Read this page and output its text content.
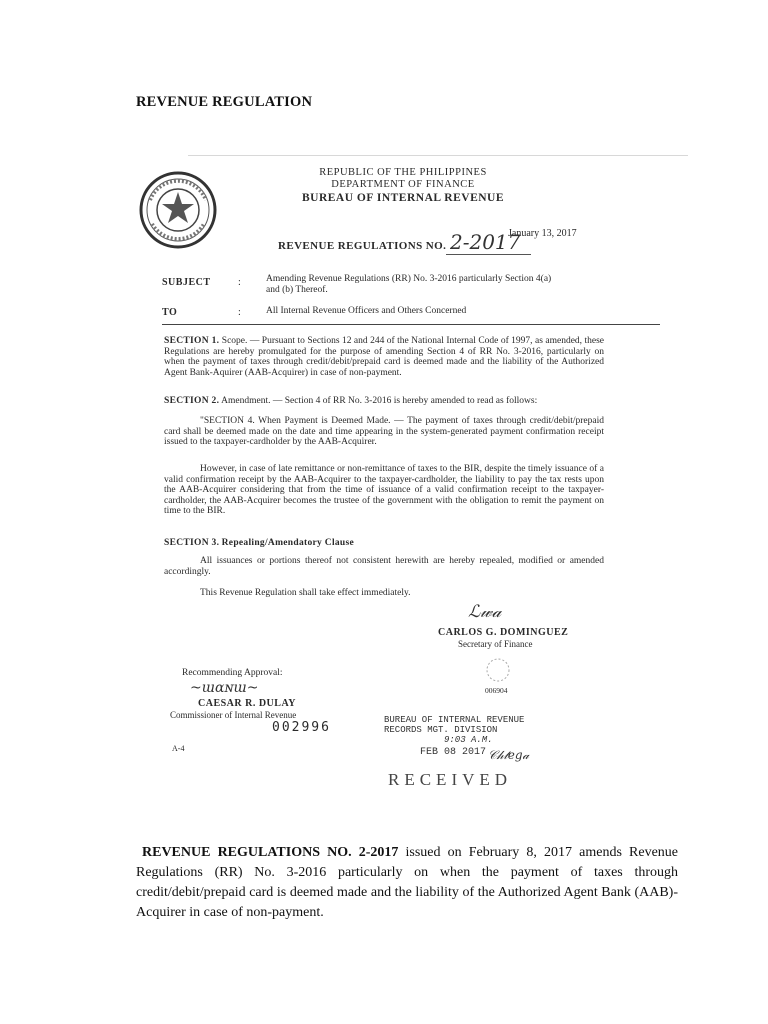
REVENUE REGULATION
REPUBLIC OF THE PHILIPPINES
DEPARTMENT OF FINANCE
BUREAU OF INTERNAL REVENUE
January 13, 2017
REVENUE REGULATIONS NO. 2-2017
SUBJECT	:	Amending Revenue Regulations (RR) No. 3-2016 particularly Section 4(a) and (b) Thereof.
TO	:	All Internal Revenue Officers and Others Concerned
SECTION 1. Scope. — Pursuant to Sections 12 and 244 of the National Internal Code of 1997, as amended, these Regulations are hereby promulgated for the purpose of amending Section 4 of RR No. 3-2016, particularly on when the payment of taxes through credit/debit/prepaid card is deemed made and the liability of the Authorized Agent Bank-Aquirer (AAB-Acquirer) in case of non-payment.
SECTION 2. Amendment. — Section 4 of RR No. 3-2016 is hereby amended to read as follows:
"SECTION 4. When Payment is Deemed Made. — The payment of taxes through credit/debit/prepaid card shall be deemed made on the date and time appearing in the system-generated payment confirmation receipt issued to the taxpayer-cardholder by the AAB-Acquirer.
However, in case of late remittance or non-remittance of taxes to the BIR, despite the timely issuance of a valid confirmation receipt by the AAB-Acquirer to the taxpayer-cardholder, the liability to pay the tax rests upon the AAB-Acquirer considering that from the time of issuance of a valid confirmation receipt to the taxpayer-cardholder, the AAB-Acquirer becomes the trustee of the government with the obligation to remit the payment on time to the BIR.
SECTION 3. Repealing/Amendatory Clause
All issuances or portions thereof not consistent herewith are hereby repealed, modified or amended accordingly.
This Revenue Regulation shall take effect immediately.
ℒ𝓌𝒶
CARLOS G. DOMINGUEZ
Secretary of Finance
006904
Recommending Approval:
~ɯɑɴɯ~
CAESAR R. DULAY
Commissioner of Internal Revenue
002996
A-4
BUREAU OF INTERNAL REVENUE
RECORDS MGT. DIVISION
9:03 A.M.
FEB 08 2017 𝒞𝒽𝓉𝑒𝑔𝒶
RECEIVED
REVENUE REGULATIONS NO. 2-2017 issued on February 8, 2017 amends Revenue Regulations (RR) No. 3-2016 particularly on when the payment of taxes through credit/debit/prepaid card is deemed made and the liability of the Authorized Agent Bank (AAB)-Acquirer in case of non-payment.
